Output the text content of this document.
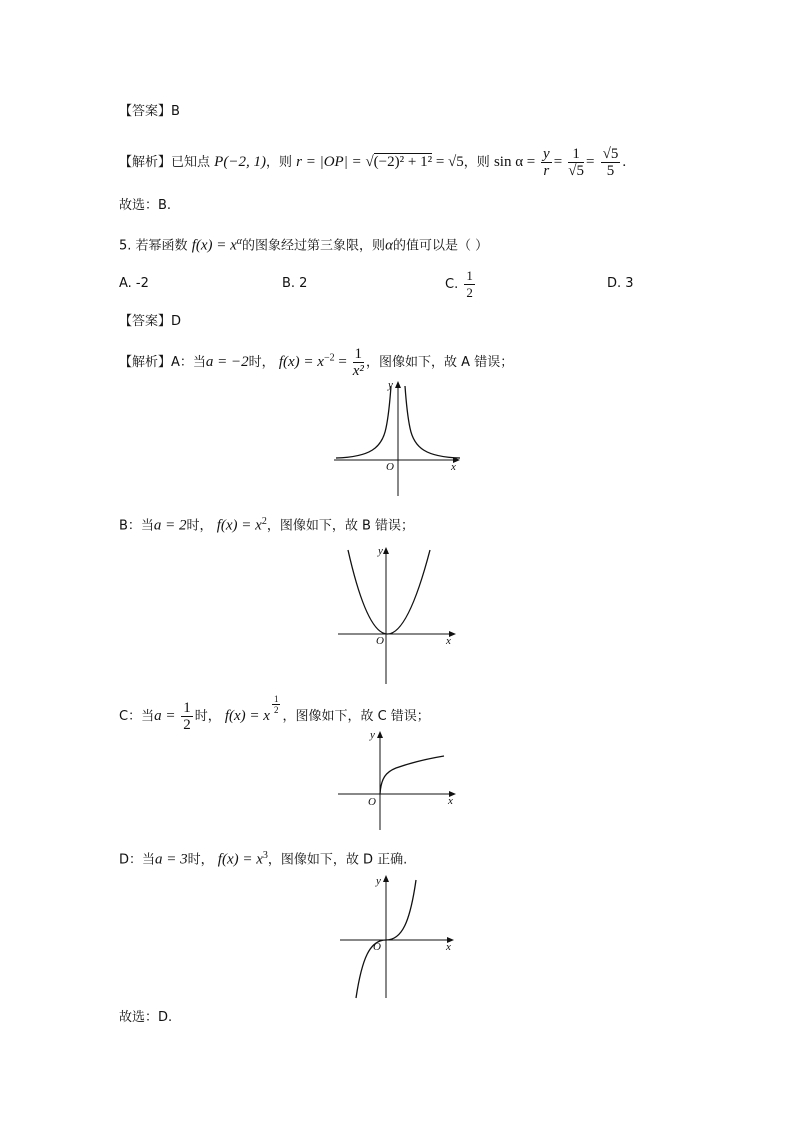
【答案】B
【解析】已知点 P(−2, 1)，则 r = |OP| = √(−2)² + 1² = √5，则 $\sin \alpha = \frac{y}{r} = \frac{1}{√5} = \frac{√5}{5}$ .
故选：B.
5. 若幂函数 $f(x) = x^\alpha$的图象经过第三象限，则α的值可以是（ ）
A. -2	B. 2	C. $\frac{1}{2}$	D. 3
【答案】D
【解析】A：当a = −2时， $f(x) = x^{-2} = \frac{1}{\text{x²}}$ ，图像如下，故 A 错误；
y
x
O
B：当a = 2时， $f(x) = x^2$，图像如下，故 B 错误；
y
x
O
C：当$a = \frac{1}{2}$ 时， f(x) = x
$\frac{1}{2}$
，图像如下，故 C 错误；
y
x
O
D：当a = 3时， $f(x) = x^3$，图像如下，故 D 正确.
y
x
O
故选：D.
